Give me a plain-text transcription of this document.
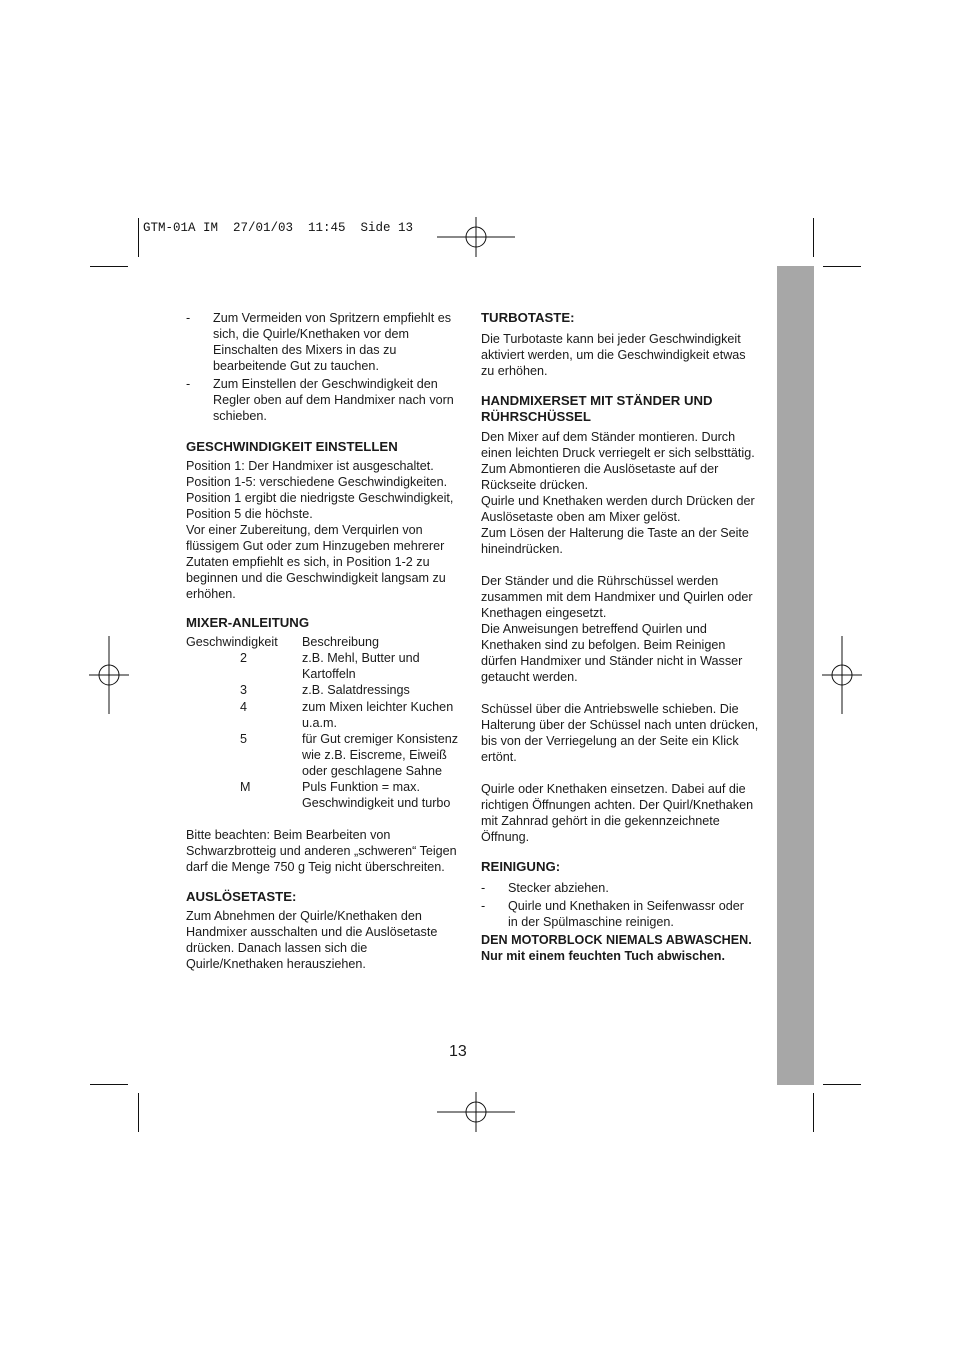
GTM-01A IM  27/01/03  11:45  Side 13
-	Zum Vermeiden von Spritzern empfiehlt es sich, die Quirle/Knethaken vor dem Einschalten des Mixers in das zu bearbeitende Gut zu tauchen.
-	Zum Einstellen der Geschwindigkeit den Regler oben auf dem Handmixer nach vorn schieben.

GESCHWINDIGKEIT EINSTELLEN

Position 1: Der Handmixer ist ausgeschaltet.

Position 1-5: verschiedene Geschwindigkeiten.

Position 1 ergibt die niedrigste Geschwindigkeit,

Position 5 die höchste.

Vor einer Zubereitung, dem Verquirlen von

flüssigem Gut oder zum Hinzugeben mehrerer

Zutaten empfiehlt es sich, in Position 1-2 zu

beginnen und die Geschwindigkeit langsam zu

erhöhen.

MIXER-ANLEITUNG

Geschwindigkeit	Beschreibung
2	z.B. Mehl, Butter und Kartoffeln
3	z.B. Salatdressings
4	zum Mixen leichter Kuchen u.a.m.
5	für Gut cremiger Konsistenz wie z.B. Eiscreme, Eiweiß oder geschlagene Sahne
M	Puls Funktion = max. Geschwindigkeit und turbo

Bitte beachten: Beim Bearbeiten von Schwarzbrotteig und anderen „schweren“ Teigen darf die Menge 750 g Teig nicht überschreiten.

AUSLÖSETASTE:

Zum Abnehmen der Quirle/Knethaken den Handmixer ausschalten und die Auslösetaste drücken. Danach lassen sich die Quirle/Knethaken herausziehen.

TURBOTASTE:

Die Turbotaste kann bei jeder Geschwindigkeit aktiviert werden, um die Geschwindigkeit etwas zu erhöhen.

HANDMIXERSET MIT STÄNDER UND

RÜHRSCHÜSSEL

Den Mixer auf dem Ständer montieren. Durch einen leichten Druck verriegelt er sich selbsttätig. Zum Abmontieren die Auslösetaste auf der Rückseite drücken.

Quirle und Knethaken werden durch Drücken der Auslösetaste oben am Mixer gelöst.

Zum Lösen der Halterung die Taste an der Seite hineindrücken.

Der Ständer und die Rührschüssel werden zusammen mit dem Handmixer und Quirlen oder Knethagen eingesetzt.

Die Anweisungen betreffend Quirlen und Knethaken sind zu befolgen. Beim Reinigen dürfen Handmixer und Ständer nicht in Wasser getaucht werden.

Schüssel über die Antriebswelle schieben. Die Halterung über der Schüssel nach unten drücken, bis von der Verriegelung an der Seite ein Klick ertönt.

Quirle oder Knethaken einsetzen. Dabei auf die richtigen Öffnungen achten. Der Quirl/Knethaken mit Zahnrad gehört in die gekennzeichnete Öffnung.

REINIGUNG:

-	Stecker abziehen.
-	Quirle und Knethaken in Seifenwassr oder in der Spülmaschine reinigen.

DEN MOTORBLOCK NIEMALS ABWASCHEN.

Nur mit einem feuchten Tuch abwischen.

13
